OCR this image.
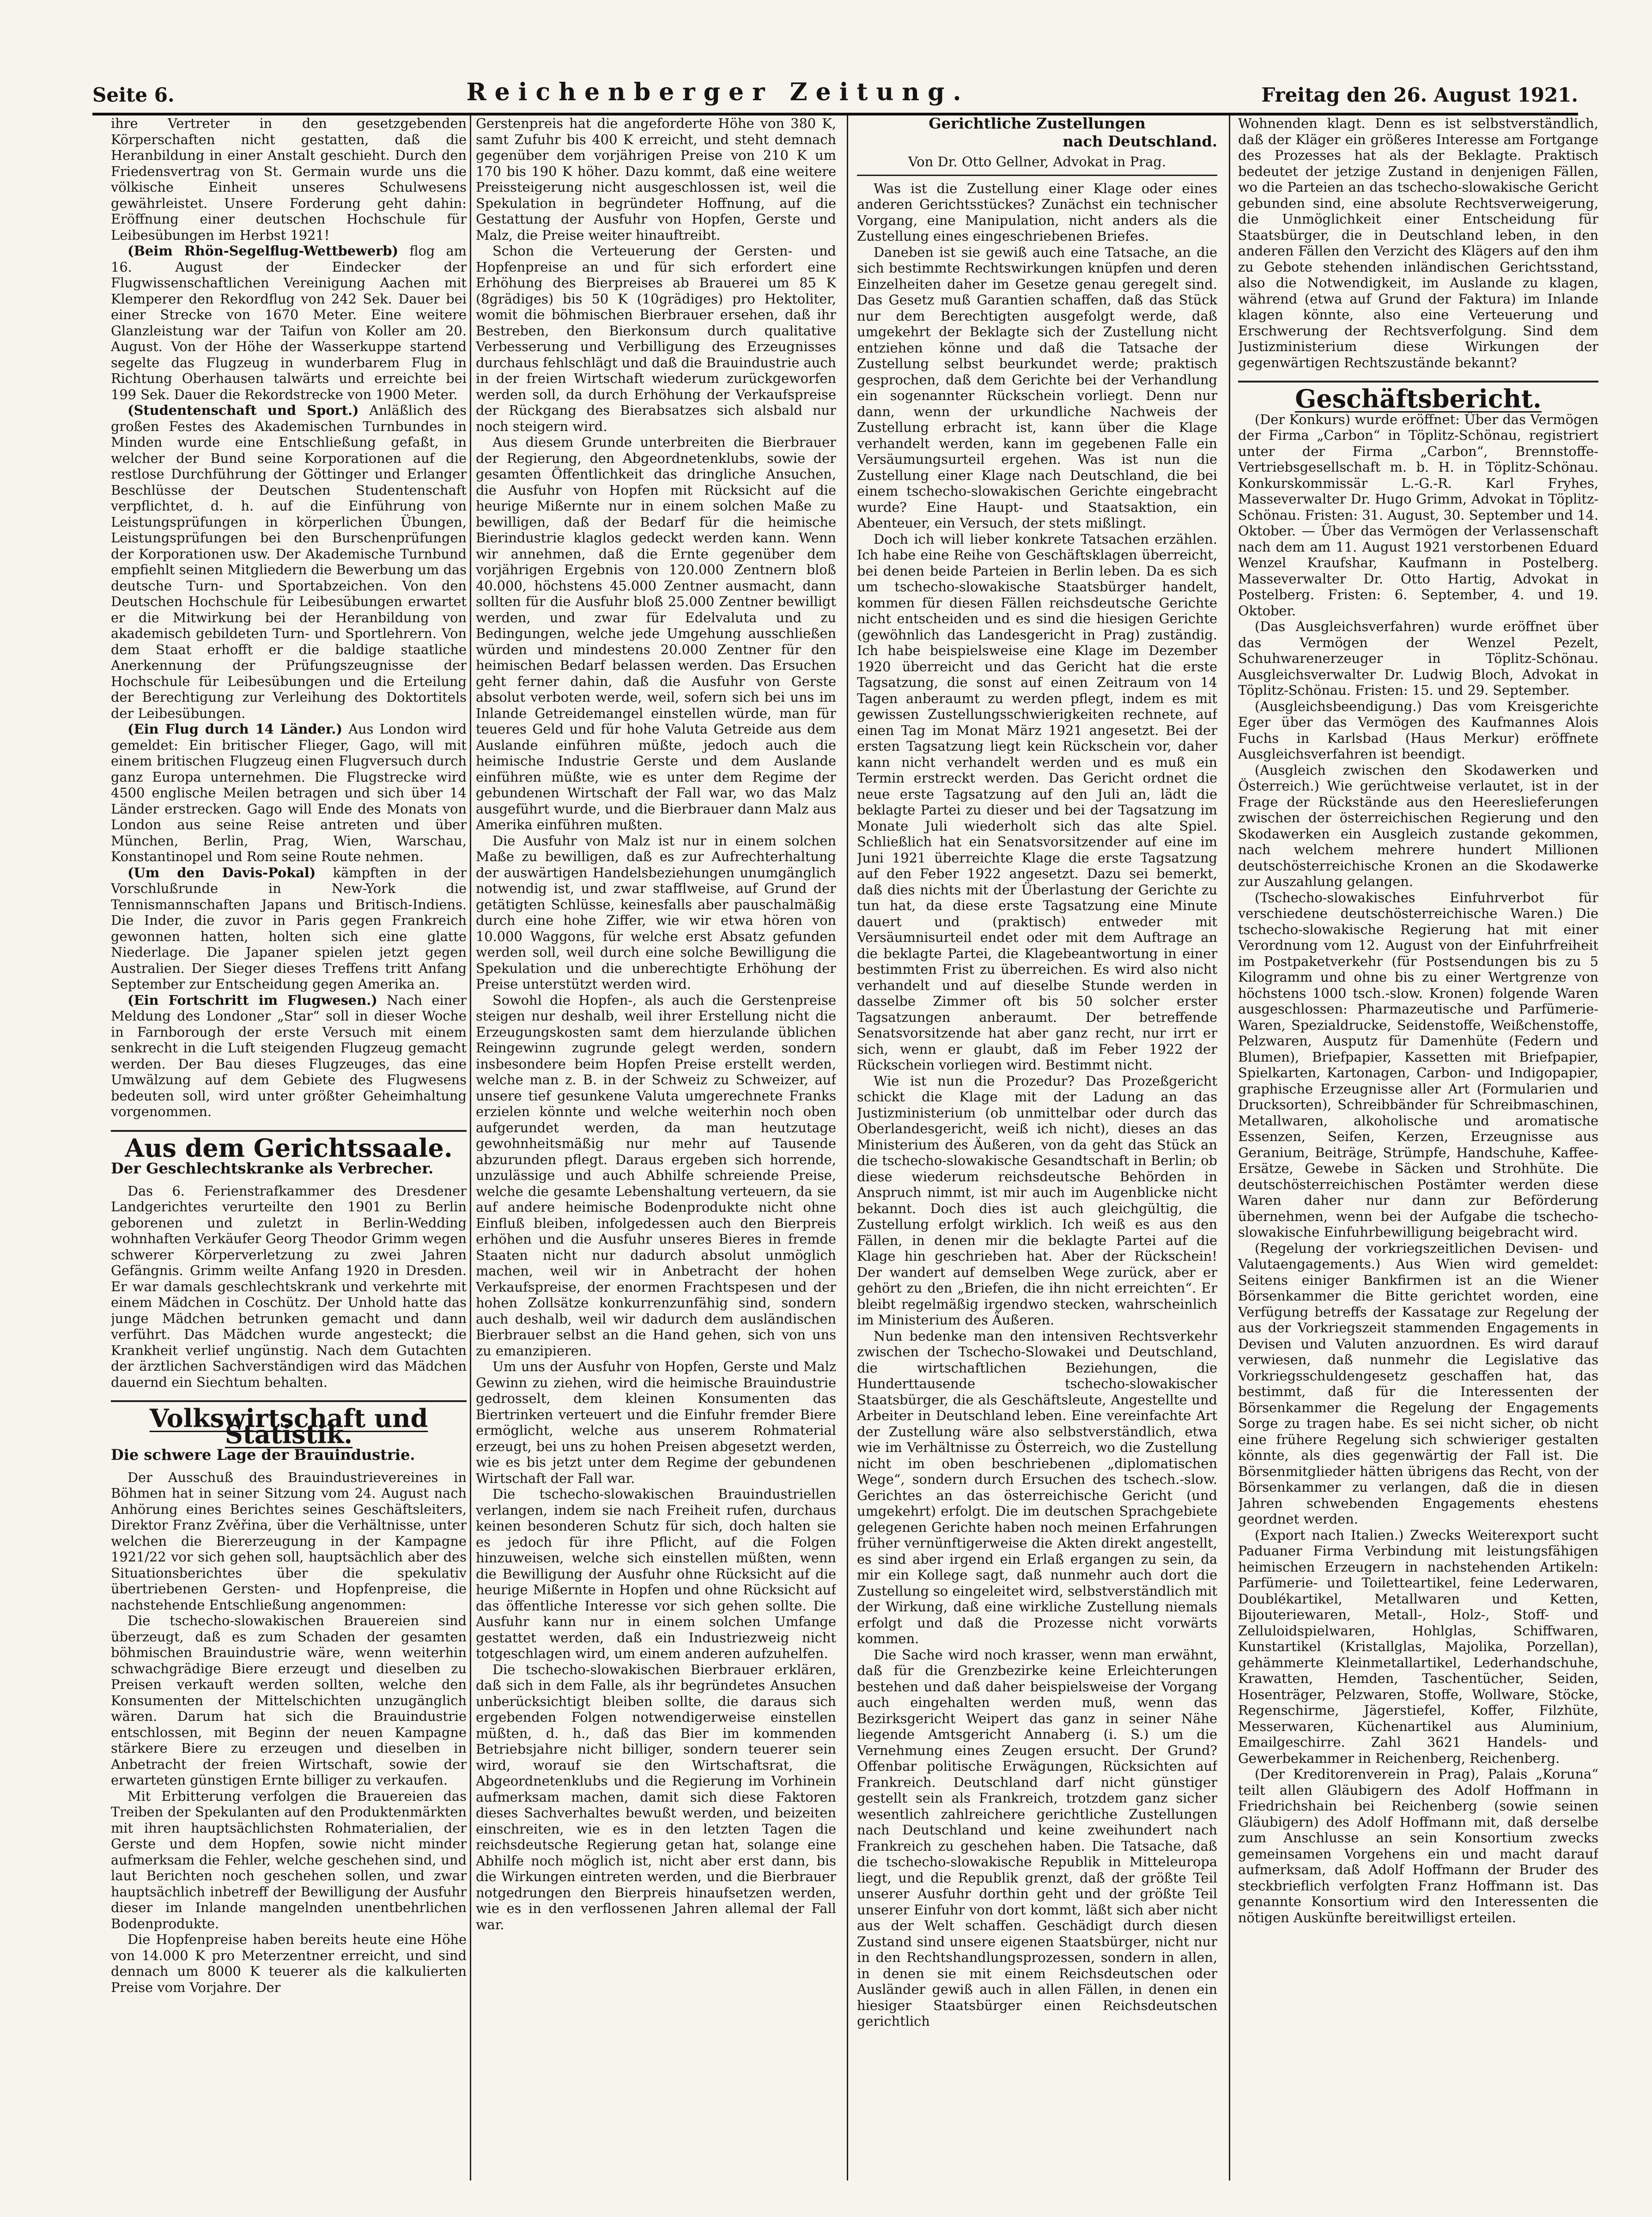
Seite 6.	Reichenberger Zeitung.	Freitag den 26. August 1921.

ihre Vertreter in den gesetzgebenden Körperschaften nicht gestatten, daß die Heranbildung in einer Anstalt geschieht. Durch den Friedensvertrag von St. Germain wurde uns die völkische Einheit unseres Schulwesens gewährleistet. Unsere Forderung geht dahin: Eröffnung einer deutschen Hochschule für Leibesübungen im Herbst 1921!

(Beim Rhön-Segelflug-Wettbewerb) flog am 16. August der Eindecker der Flugwissenschaftlichen Vereinigung Aachen mit Klemperer den Rekordflug von 242 Sek. Dauer bei einer Strecke von 1670 Meter. Eine weitere Glanzleistung war der Taifun von Koller am 20. August. Von der Höhe der Wasserkuppe startend segelte das Flugzeug in wunderbarem Flug in Richtung Oberhausen talwärts und erreichte bei 199 Sek. Dauer die Rekordstrecke von 1900 Meter.

(Studentenschaft und Sport.) Anläßlich des großen Festes des Akademischen Turnbundes in Minden wurde eine Entschließung gefaßt, in welcher der Bund seine Korporationen auf die restlose Durchführung der Göttinger und Erlanger Beschlüsse der Deutschen Studentenschaft verpflichtet, d. h. auf die Einführung von Leistungsprüfungen in körperlichen Übungen, Leistungsprüfungen bei den Burschenprüfungen der Korporationen usw. Der Akademische Turnbund empfiehlt seinen Mitgliedern die Bewerbung um das deutsche Turn- und Sportabzeichen. Von den Deutschen Hochschule für Leibesübungen erwartet er die Mitwirkung bei der Heranbildung von akademisch gebildeten Turn- und Sportlehrern. Von dem Staat erhofft er die baldige staatliche Anerkennung der Prüfungszeugnisse der Hochschule für Leibesübungen und die Erteilung der Berechtigung zur Verleihung des Doktortitels der Leibesübungen.

(Ein Flug durch 14 Länder.) Aus London wird gemeldet: Ein britischer Flieger, Gago, will mit einem britischen Flugzeug einen Flugversuch durch ganz Europa unternehmen. Die Flugstrecke wird 4500 englische Meilen betragen und sich über 14 Länder erstrecken. Gago will Ende des Monats von London aus seine Reise antreten und über München, Berlin, Prag, Wien, Warschau, Konstantinopel und Rom seine Route nehmen.

(Um den Davis-Pokal) kämpften in der Vorschlußrunde in New-York die Tennismannschaften Japans und Britisch-Indiens. Die Inder, die zuvor in Paris gegen Frankreich gewonnen hatten, holten sich eine glatte Niederlage. Die Japaner spielen jetzt gegen Australien. Der Sieger dieses Treffens tritt Anfang September zur Entscheidung gegen Amerika an.

(Ein Fortschritt im Flugwesen.) Nach einer Meldung des Londoner „Star“ soll in dieser Woche in Farnborough der erste Versuch mit einem senkrecht in die Luft steigenden Flugzeug gemacht werden. Der Bau dieses Flugzeuges, das eine Umwälzung auf dem Gebiete des Flugwesens bedeuten soll, wird unter größter Geheimhaltung vorgenommen.

Aus dem Gerichtssaale.
Der Geschlechtskranke als Verbrecher.

Das 6. Ferienstrafkammer des Dresdener Landgerichtes verurteilte den 1901 zu Berlin geborenen und zuletzt in Berlin-Wedding wohnhaften Verkäufer Georg Theodor Grimm wegen schwerer Körperverletzung zu zwei Jahren Gefängnis. Grimm weilte Anfang 1920 in Dresden. Er war damals geschlechtskrank und verkehrte mit einem Mädchen in Coschütz. Der Unhold hatte das junge Mädchen betrunken gemacht und dann verführt. Das Mädchen wurde angesteckt; die Krankheit verlief ungünstig. Nach dem Gutachten der ärztlichen Sachverständigen wird das Mädchen dauernd ein Siechtum behalten.

Volkswirtschaft und Statistik.
Die schwere Lage der Brauindustrie.

Der Ausschuß des Brauindustrievereines in Böhmen hat in seiner Sitzung vom 24. August nach Anhörung eines Berichtes seines Geschäftsleiters, Direktor Franz Zvěřina, über die Verhältnisse, unter welchen die Biererzeugung in der Kampagne 1921/22 vor sich gehen soll, hauptsächlich aber des Situationsberichtes über die spekulativ übertriebenen Gersten- und Hopfenpreise, die nachstehende Entschließung angenommen:

Die tschecho-slowakischen Brauereien sind überzeugt, daß es zum Schaden der gesamten böhmischen Brauindustrie wäre, wenn weiterhin schwachgrädige Biere erzeugt und dieselben zu Preisen verkauft werden sollten, welche den Konsumenten der Mittelschichten unzugänglich wären. Darum hat sich die Brauindustrie entschlossen, mit Beginn der neuen Kampagne stärkere Biere zu erzeugen und dieselben in Anbetracht der freien Wirtschaft, sowie der erwarteten günstigen Ernte billiger zu verkaufen.

Mit Erbitterung verfolgen die Brauereien das Treiben der Spekulanten auf den Produktenmärkten mit ihren hauptsächlichsten Rohmaterialien, der Gerste und dem Hopfen, sowie nicht minder aufmerksam die Fehler, welche geschehen sind, und laut Berichten noch geschehen sollen, und zwar hauptsächlich inbetreff der Bewilligung der Ausfuhr dieser im Inlande mangelnden unentbehrlichen Bodenprodukte.

Die Hopfenpreise haben bereits heute eine Höhe von 14.000 K pro Meterzentner erreicht, und sind dennach um 8000 K teuerer als die kalkulierten Preise vom Vorjahre. Der

Gerstenpreis hat die angeforderte Höhe von 380 K, samt Zufuhr bis 400 K erreicht, und steht demnach gegenüber dem vorjährigen Preise von 210 K um 170 bis 190 K höher. Dazu kommt, daß eine weitere Preissteigerung nicht ausgeschlossen ist, weil die Spekulation in begründeter Hoffnung, auf die Gestattung der Ausfuhr von Hopfen, Gerste und Malz, die Preise weiter hinauftreibt.

Schon die Verteuerung der Gersten- und Hopfenpreise an und für sich erfordert eine Erhöhung des Bierpreises ab Brauerei um 85 K (8grädiges) bis 50 K (10grädiges) pro Hektoliter, womit die böhmischen Bierbrauer ersehen, daß ihr Bestreben, den Bierkonsum durch qualitative Verbesserung und Verbilligung des Erzeugnisses durchaus fehlschlägt und daß die Brauindustrie auch in der freien Wirtschaft wiederum zurückgeworfen werden soll, da durch Erhöhung der Verkaufspreise der Rückgang des Bierabsatzes sich alsbald nur noch steigern wird.

Aus diesem Grunde unterbreiten die Bierbrauer der Regierung, den Abgeordnetenklubs, sowie der gesamten Öffentlichkeit das dringliche Ansuchen, die Ausfuhr von Hopfen mit Rücksicht auf die heurige Mißernte nur in einem solchen Maße zu bewilligen, daß der Bedarf für die heimische Bierindustrie klaglos gedeckt werden kann. Wenn wir annehmen, daß die Ernte gegenüber dem vorjährigen Ergebnis von 120.000 Zentnern bloß 40.000, höchstens 45.000 Zentner ausmacht, dann sollten für die Ausfuhr bloß 25.000 Zentner bewilligt werden, und zwar für Edelvaluta und zu Bedingungen, welche jede Umgehung ausschließen würden und mindestens 20.000 Zentner für den heimischen Bedarf belassen werden. Das Ersuchen geht ferner dahin, daß die Ausfuhr von Gerste absolut verboten werde, weil, sofern sich bei uns im Inlande Getreidemangel einstellen würde, man für teueres Geld und für hohe Valuta Getreide aus dem Auslande einführen müßte, jedoch auch die heimische Industrie Gerste und dem Auslande einführen müßte, wie es unter dem Regime der gebundenen Wirtschaft der Fall war, wo das Malz ausgeführt wurde, und die Bierbrauer dann Malz aus Amerika einführen mußten.

Die Ausfuhr von Malz ist nur in einem solchen Maße zu bewilligen, daß es zur Aufrechterhaltung der auswärtigen Handelsbeziehungen unumgänglich notwendig ist, und zwar stafflweise, auf Grund der getätigten Schlüsse, keinesfalls aber pauschalmäßig durch eine hohe Ziffer, wie wir etwa hören von 10.000 Waggons, für welche erst Absatz gefunden werden soll, weil durch eine solche Bewilligung die Spekulation und die unberechtigte Erhöhung der Preise unterstützt werden wird.

Sowohl die Hopfen-, als auch die Gerstenpreise steigen nur deshalb, weil ihrer Erstellung nicht die Erzeugungskosten samt dem hierzulande üblichen Reingewinn zugrunde gelegt werden, sondern insbesondere beim Hopfen Preise erstellt werden, welche man z. B. in der Schweiz zu Schweizer, auf unsere tief gesunkene Valuta umgerechnete Franks erzielen könnte und welche weiterhin noch oben aufgerundet werden, da man heutzutage gewohnheitsmäßig nur mehr auf Tausende abzurunden pflegt. Daraus ergeben sich horrende, unzulässige und auch Abhilfe schreiende Preise, welche die gesamte Lebenshaltung verteuern, da sie auf andere heimische Bodenprodukte nicht ohne Einfluß bleiben, infolgedessen auch den Bierpreis erhöhen und die Ausfuhr unseres Bieres in fremde Staaten nicht nur dadurch absolut unmöglich machen, weil wir in Anbetracht der hohen Verkaufspreise, der enormen Frachtspesen und der hohen Zollsätze konkurrenzunfähig sind, sondern auch deshalb, weil wir dadurch dem ausländischen Bierbrauer selbst an die Hand gehen, sich von uns zu emanzipieren.

Um uns der Ausfuhr von Hopfen, Gerste und Malz Gewinn zu ziehen, wird die heimische Brauindustrie gedrosselt, dem kleinen Konsumenten das Biertrinken verteuert und die Einfuhr fremder Biere ermöglicht, welche aus unserem Rohmaterial erzeugt, bei uns zu hohen Preisen abgesetzt werden, wie es bis jetzt unter dem Regime der gebundenen Wirtschaft der Fall war.

Die tschecho-slowakischen Brauindustriellen verlangen, indem sie nach Freiheit rufen, durchaus keinen besonderen Schutz für sich, doch halten sie es jedoch für ihre Pflicht, auf die Folgen hinzuweisen, welche sich einstellen müßten, wenn die Bewilligung der Ausfuhr ohne Rücksicht auf die heurige Mißernte in Hopfen und ohne Rücksicht auf das öffentliche Interesse vor sich gehen sollte. Die Ausfuhr kann nur in einem solchen Umfange gestattet werden, daß ein Industriezweig nicht totgeschlagen wird, um einem anderen aufzuhelfen.

Die tschecho-slowakischen Bierbrauer erklären, daß sich in dem Falle, als ihr begründetes Ansuchen unberücksichtigt bleiben sollte, die daraus sich ergebenden Folgen notwendigerweise einstellen müßten, d. h., daß das Bier im kommenden Betriebsjahre nicht billiger, sondern teuerer sein wird, worauf sie den Wirtschaftsrat, die Abgeordnetenklubs und die Regierung im Vorhinein aufmerksam machen, damit sich diese Faktoren dieses Sachverhaltes bewußt werden, und beizeiten einschreiten, wie es in den letzten Tagen die reichsdeutsche Regierung getan hat, solange eine Abhilfe noch möglich ist, nicht aber erst dann, bis die Wirkungen eintreten werden, und die Bierbrauer notgedrungen den Bierpreis hinaufsetzen werden, wie es in den verflossenen Jahren allemal der Fall war.

Gerichtliche Zustellungen
nach Deutschland.
Von Dr. Otto Gellner, Advokat in Prag.

Was ist die Zustellung einer Klage oder eines anderen Gerichtsstückes? Zunächst ein technischer Vorgang, eine Manipulation, nicht anders als die Zustellung eines eingeschriebenen Briefes.

Daneben ist sie gewiß auch eine Tatsache, an die sich bestimmte Rechtswirkungen knüpfen und deren Einzelheiten daher im Gesetze genau geregelt sind. Das Gesetz muß Garantien schaffen, daß das Stück nur dem Berechtigten ausgefolgt werde, daß umgekehrt der Beklagte sich der Zustellung nicht entziehen könne und daß die Tatsache der Zustellung selbst beurkundet werde; praktisch gesprochen, daß dem Gerichte bei der Verhandlung ein sogenannter Rückschein vorliegt. Denn nur dann, wenn der urkundliche Nachweis der Zustellung erbracht ist, kann über die Klage verhandelt werden, kann im gegebenen Falle ein Versäumungsurteil ergehen. Was ist nun die Zustellung einer Klage nach Deutschland, die bei einem tschecho-slowakischen Gerichte eingebracht wurde? Eine Haupt- und Staatsaktion, ein Abenteuer, ein Versuch, der stets mißlingt.

Doch ich will lieber konkrete Tatsachen erzählen. Ich habe eine Reihe von Geschäftsklagen überreicht, bei denen beide Parteien in Berlin leben. Da es sich um tschecho-slowakische Staatsbürger handelt, kommen für diesen Fällen reichsdeutsche Gerichte nicht entscheiden und es sind die hiesigen Gerichte (gewöhnlich das Landesgericht in Prag) zuständig. Ich habe beispielsweise eine Klage im Dezember 1920 überreicht und das Gericht hat die erste Tagsatzung, die sonst auf einen Zeitraum von 14 Tagen anberaumt zu werden pflegt, indem es mit gewissen Zustellungsschwierigkeiten rechnete, auf einen Tag im Monat März 1921 angesetzt. Bei der ersten Tagsatzung liegt kein Rückschein vor, daher kann nicht verhandelt werden und es muß ein Termin erstreckt werden. Das Gericht ordnet die neue erste Tagsatzung auf den Juli an, lädt die beklagte Partei zu dieser und bei der Tagsatzung im Monate Juli wiederholt sich das alte Spiel. Schließlich hat ein Senatsvorsitzender auf eine im Juni 1921 überreichte Klage die erste Tagsatzung auf den Feber 1922 angesetzt. Dazu sei bemerkt, daß dies nichts mit der Überlastung der Gerichte zu tun hat, da diese erste Tagsatzung eine Minute dauert und (praktisch) entweder mit Versäumnisurteil endet oder mit dem Auftrage an die beklagte Partei, die Klagebeantwortung in einer bestimmten Frist zu überreichen. Es wird also nicht verhandelt und auf dieselbe Stunde werden in dasselbe Zimmer oft bis 50 solcher erster Tagsatzungen anberaumt. Der betreffende Senatsvorsitzende hat aber ganz recht, nur irrt er sich, wenn er glaubt, daß im Feber 1922 der Rückschein vorliegen wird. Bestimmt nicht.

Wie ist nun die Prozedur? Das Prozeßgericht schickt die Klage mit der Ladung an das Justizministerium (ob unmittelbar oder durch das Oberlandesgericht, weiß ich nicht), dieses an das Ministerium des Äußeren, von da geht das Stück an die tschecho-slowakische Gesandtschaft in Berlin; ob diese wiederum reichsdeutsche Behörden in Anspruch nimmt, ist mir auch im Augenblicke nicht bekannt. Doch dies ist auch gleichgültig, die Zustellung erfolgt wirklich. Ich weiß es aus den Fällen, in denen mir die beklagte Partei auf die Klage hin geschrieben hat. Aber der Rückschein! Der wandert auf demselben Wege zurück, aber er gehört zu den „Briefen, die ihn nicht erreichten“. Er bleibt regelmäßig irgendwo stecken, wahrscheinlich im Ministerium des Äußeren.

Nun bedenke man den intensiven Rechtsverkehr zwischen der Tschecho-Slowakei und Deutschland, die wirtschaftlichen Beziehungen, die Hunderttausende tschecho-slowakischer Staatsbürger, die als Geschäftsleute, Angestellte und Arbeiter in Deutschland leben. Eine vereinfachte Art der Zustellung wäre also selbstverständlich, etwa wie im Verhältnisse zu Österreich, wo die Zustellung nicht im oben beschriebenen „diplomatischen Wege“, sondern durch Ersuchen des tschech.-slow. Gerichtes an das österreichische Gericht (und umgekehrt) erfolgt. Die im deutschen Sprachgebiete gelegenen Gerichte haben noch meinen Erfahrungen früher vernünftigerweise die Akten direkt angestellt, es sind aber irgend ein Erlaß ergangen zu sein, da mir ein Kollege sagt, daß nunmehr auch dort die Zustellung so eingeleitet wird, selbstverständlich mit der Wirkung, daß eine wirkliche Zustellung niemals erfolgt und daß die Prozesse nicht vorwärts kommen.

Die Sache wird noch krasser, wenn man erwähnt, daß für die Grenzbezirke keine Erleichterungen bestehen und daß daher beispielsweise der Vorgang auch eingehalten werden muß, wenn das Bezirksgericht Weipert das ganz in seiner Nähe liegende Amtsgericht Annaberg (i. S.) um die Vernehmung eines Zeugen ersucht. Der Grund? Offenbar politische Erwägungen, Rücksichten auf Frankreich. Deutschland darf nicht günstiger gestellt sein als Frankreich, trotzdem ganz sicher wesentlich zahlreichere gerichtliche Zustellungen nach Deutschland und keine zweihundert nach Frankreich zu geschehen haben. Die Tatsache, daß die tschecho-slowakische Republik in Mitteleuropa liegt, und die Republik grenzt, daß der größte Teil unserer Ausfuhr dorthin geht und der größte Teil unserer Einfuhr von dort kommt, läßt sich aber nicht aus der Welt schaffen. Geschädigt durch diesen Zustand sind unsere eigenen Staatsbürger, nicht nur in den Rechtshandlungsprozessen, sondern in allen, in denen sie mit einem Reichsdeutschen oder Ausländer gewiß auch in allen Fällen, in denen ein hiesiger Staatsbürger einen Reichsdeutschen gerichtlich

Wohnenden klagt. Denn es ist selbstverständlich, daß der Kläger ein größeres Interesse am Fortgange des Prozesses hat als der Beklagte. Praktisch bedeutet der jetzige Zustand in denjenigen Fällen, wo die Parteien an das tschecho-slowakische Gericht gebunden sind, eine absolute Rechtsverweigerung, die Unmöglichkeit einer Entscheidung für Staatsbürger, die in Deutschland leben, in den anderen Fällen den Verzicht des Klägers auf den ihm zu Gebote stehenden inländischen Gerichtsstand, also die Notwendigkeit, im Auslande zu klagen, während (etwa auf Grund der Faktura) im Inlande klagen könnte, also eine Verteuerung und Erschwerung der Rechtsverfolgung. Sind dem Justizministerium diese Wirkungen der gegenwärtigen Rechtszustände bekannt?

Geschäftsbericht.

(Der Konkurs) wurde eröffnet: Über das Vermögen der Firma „Carbon“ in Töplitz-Schönau, registriert unter der Firma „Carbon“, Brennstoffe-Vertriebsgesellschaft m. b. H. in Töplitz-Schönau. Konkurskommissär L.-G.-R. Karl Fryhes, Masseverwalter Dr. Hugo Grimm, Advokat in Töplitz-Schönau. Fristen: 31. August, 30. September und 14. Oktober. — Über das Vermögen der Verlassenschaft nach dem am 11. August 1921 verstorbenen Eduard Wenzel Kraufshar, Kaufmann in Postelberg. Masseverwalter Dr. Otto Hartig, Advokat in Postelberg. Fristen: 6. September, 4. und 19. Oktober.

(Das Ausgleichsverfahren) wurde eröffnet über das Vermögen der Wenzel Pezelt, Schuhwarenerzeuger in Töplitz-Schönau. Ausgleichsverwalter Dr. Ludwig Bloch, Advokat in Töplitz-Schönau. Fristen: 15. und 29. September.

(Ausgleichsbeendigung.) Das vom Kreisgerichte Eger über das Vermögen des Kaufmannes Alois Fuchs in Karlsbad (Haus Merkur) eröffnete Ausgleichsverfahren ist beendigt.

(Ausgleich zwischen den Skodawerken und Österreich.) Wie gerüchtweise verlautet, ist in der Frage der Rückstände aus den Heereslieferungen zwischen der österreichischen Regierung und den Skodawerken ein Ausgleich zustande gekommen, nach welchem mehrere hundert Millionen deutschösterreichische Kronen an die Skodawerke zur Auszahlung gelangen.

(Tschecho-slowakisches Einfuhrverbot für verschiedene deutschösterreichische Waren.) Die tschecho-slowakische Regierung hat mit einer Verordnung vom 12. August von der Einfuhrfreiheit im Postpaketverkehr (für Postsendungen bis zu 5 Kilogramm und ohne bis zu einer Wertgrenze von höchstens 1000 tsch.-slow. Kronen) folgende Waren ausgeschlossen: Pharmazeutische und Parfümerie-Waren, Spezialdrucke, Seidenstoffe, Weißchenstoffe, Pelzwaren, Ausputz für Damenhüte (Federn und Blumen), Briefpapier, Kassetten mit Briefpapier, Spielkarten, Kartonagen, Carbon- und Indigopapier, graphische Erzeugnisse aller Art (Formularien und Drucksorten), Schreibbänder für Schreibmaschinen, Metallwaren, alkoholische und aromatische Essenzen, Seifen, Kerzen, Erzeugnisse aus Geranium, Beiträge, Strümpfe, Handschuhe, Kaffee-Ersätze, Gewebe in Säcken und Strohhüte. Die deutschösterreichischen Postämter werden diese Waren daher nur dann zur Beförderung übernehmen, wenn bei der Aufgabe die tschecho-slowakische Einfuhrbewilligung beigebracht wird.

(Regelung der vorkriegszeitlichen Devisen- und Valutaengagements.) Aus Wien wird gemeldet: Seitens einiger Bankfirmen ist an die Wiener Börsenkammer die Bitte gerichtet worden, eine Verfügung betreffs der Kassatage zur Regelung der aus der Vorkriegszeit stammenden Engagements in Devisen und Valuten anzuordnen. Es wird darauf verwiesen, daß nunmehr die Legislative das Vorkriegsschuldengesetz geschaffen hat, das bestimmt, daß für die Interessenten der Börsenkammer die Regelung der Engagements Sorge zu tragen habe. Es sei nicht sicher, ob nicht eine frühere Regelung sich schwieriger gestalten könnte, als dies gegenwärtig der Fall ist. Die Börsenmitglieder hätten übrigens das Recht, von der Börsenkammer zu verlangen, daß die in diesen Jahren schwebenden Engagements ehestens geordnet werden.

(Export nach Italien.) Zwecks Weiterexport sucht Paduaner Firma Verbindung mit leistungsfähigen heimischen Erzeugern in nachstehenden Artikeln: Parfümerie- und Toiletteartikel, feine Lederwaren, Doublékartikel, Metallwaren und Ketten, Bijouteriewaren, Metall-, Holz-, Stoff- und Zelluloidspielwaren, Hohlglas, Schiffwaren, Kunstartikel (Kristallglas, Majolika, Porzellan), gehämmerte Kleinmetallartikel, Lederhandschuhe, Krawatten, Hemden, Taschentücher, Seiden, Hosenträger, Pelzwaren, Stoffe, Wollware, Stöcke, Regenschirme, Jägerstiefel, Koffer, Filzhüte, Messerwaren, Küchenartikel aus Aluminium, Emailgeschirre. Zahl 3621 Handels- und Gewerbekammer in Reichenberg, Reichenberg.

(Der Kreditorenverein in Prag), Palais „Koruna“ teilt allen Gläubigern des Adolf Hoffmann in Friedrichshain bei Reichenberg (sowie seinen Gläubigern) des Adolf Hoffmann mit, daß derselbe zum Anschlusse an sein Konsortium zwecks gemeinsamen Vorgehens ein und macht darauf aufmerksam, daß Adolf Hoffmann der Bruder des steckbrieflich verfolgten Franz Hoffmann ist. Das genannte Konsortium wird den Interessenten die nötigen Auskünfte bereitwilligst erteilen.
